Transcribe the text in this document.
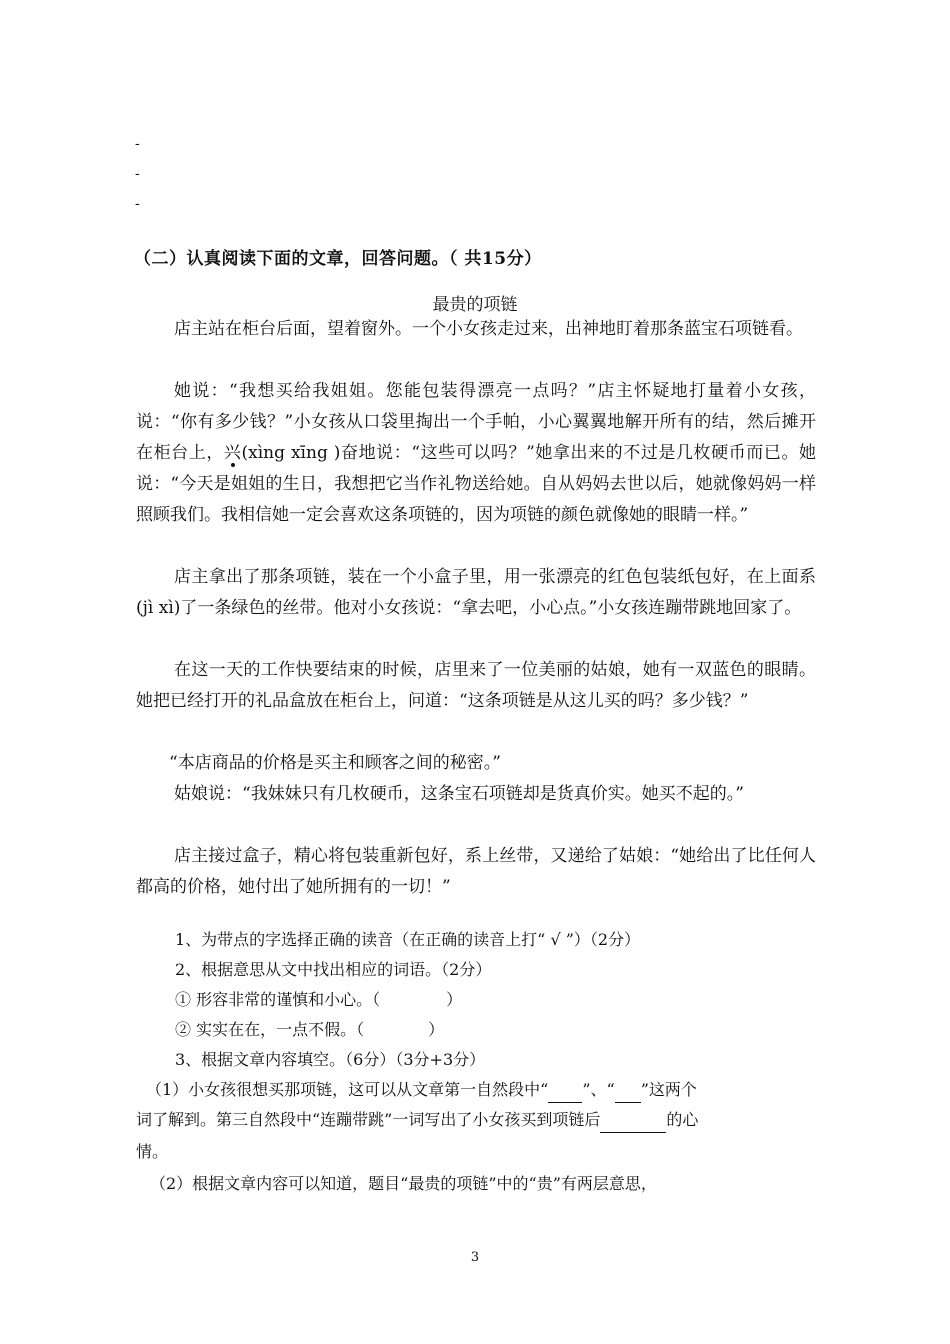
-
-
-
（二）认真阅读下面的文章，回答问题。（ 共15分）
最贵的项链
店主站在柜台后面，望着窗外。一个小女孩走过来，出神地盯着那条蓝宝石项链看。
她说：“我想买给我姐姐。您能包装得漂亮一点吗？”店主怀疑地打量着小女孩，说：“你有多少钱？”小女孩从口袋里掏出一个手帕，小心翼翼地解开所有的结，然后摊开在柜台上，兴
(xìng xīng )奋地说：“这些可以吗？”她拿出来的不过是几枚硬币而已。她说：“今天是姐姐的生日，我想把它当作礼物送给她。自从妈妈去世以后，她就像妈妈一样照顾我们。我相信她一定会喜欢这条项链的，因为项链的颜色就像她的眼睛一样。”
店主拿出了那条项链，装在一个小盒子里，用一张漂亮的红色包装纸包好，在上面系(jì xì)了一条绿色的丝带。他对小女孩说：“拿去吧，小心点。”小女孩连蹦带跳地回家了。
在这一天的工作快要结束的时候，店里来了一位美丽的姑娘，她有一双蓝色的眼睛。她把已经打开的礼品盒放在柜台上，问道：“这条项链是从这儿买的吗？多少钱？”
“本店商品的价格是买主和顾客之间的秘密。”
姑娘说：“我妹妹只有几枚硬币，这条宝石项链却是货真价实。她买不起的。”
店主接过盒子，精心将包装重新包好，系上丝带，又递给了姑娘：“她给出了比任何人都高的价格，她付出了她所拥有的一切！”
1、为带点的字选择正确的读音（在正确的读音上打“ √ ”）（2分）
2、根据意思从文中找出相应的词语。（2分）
① 形容非常的谨慎和小心。（	）
② 实实在在，一点不假。（	）
3、根据文章内容填空。（6分）（3分+3分）
（1）小女孩很想买那项链，这可以从文章第一自然段中“ ”、“ ”这两个
词了解到。第三自然段中“连蹦带跳”一词写出了小女孩买到项链后	的心
情。
（2）根据文章内容可以知道，题目“最贵的项链”中的“贵”有两层意思，
3
